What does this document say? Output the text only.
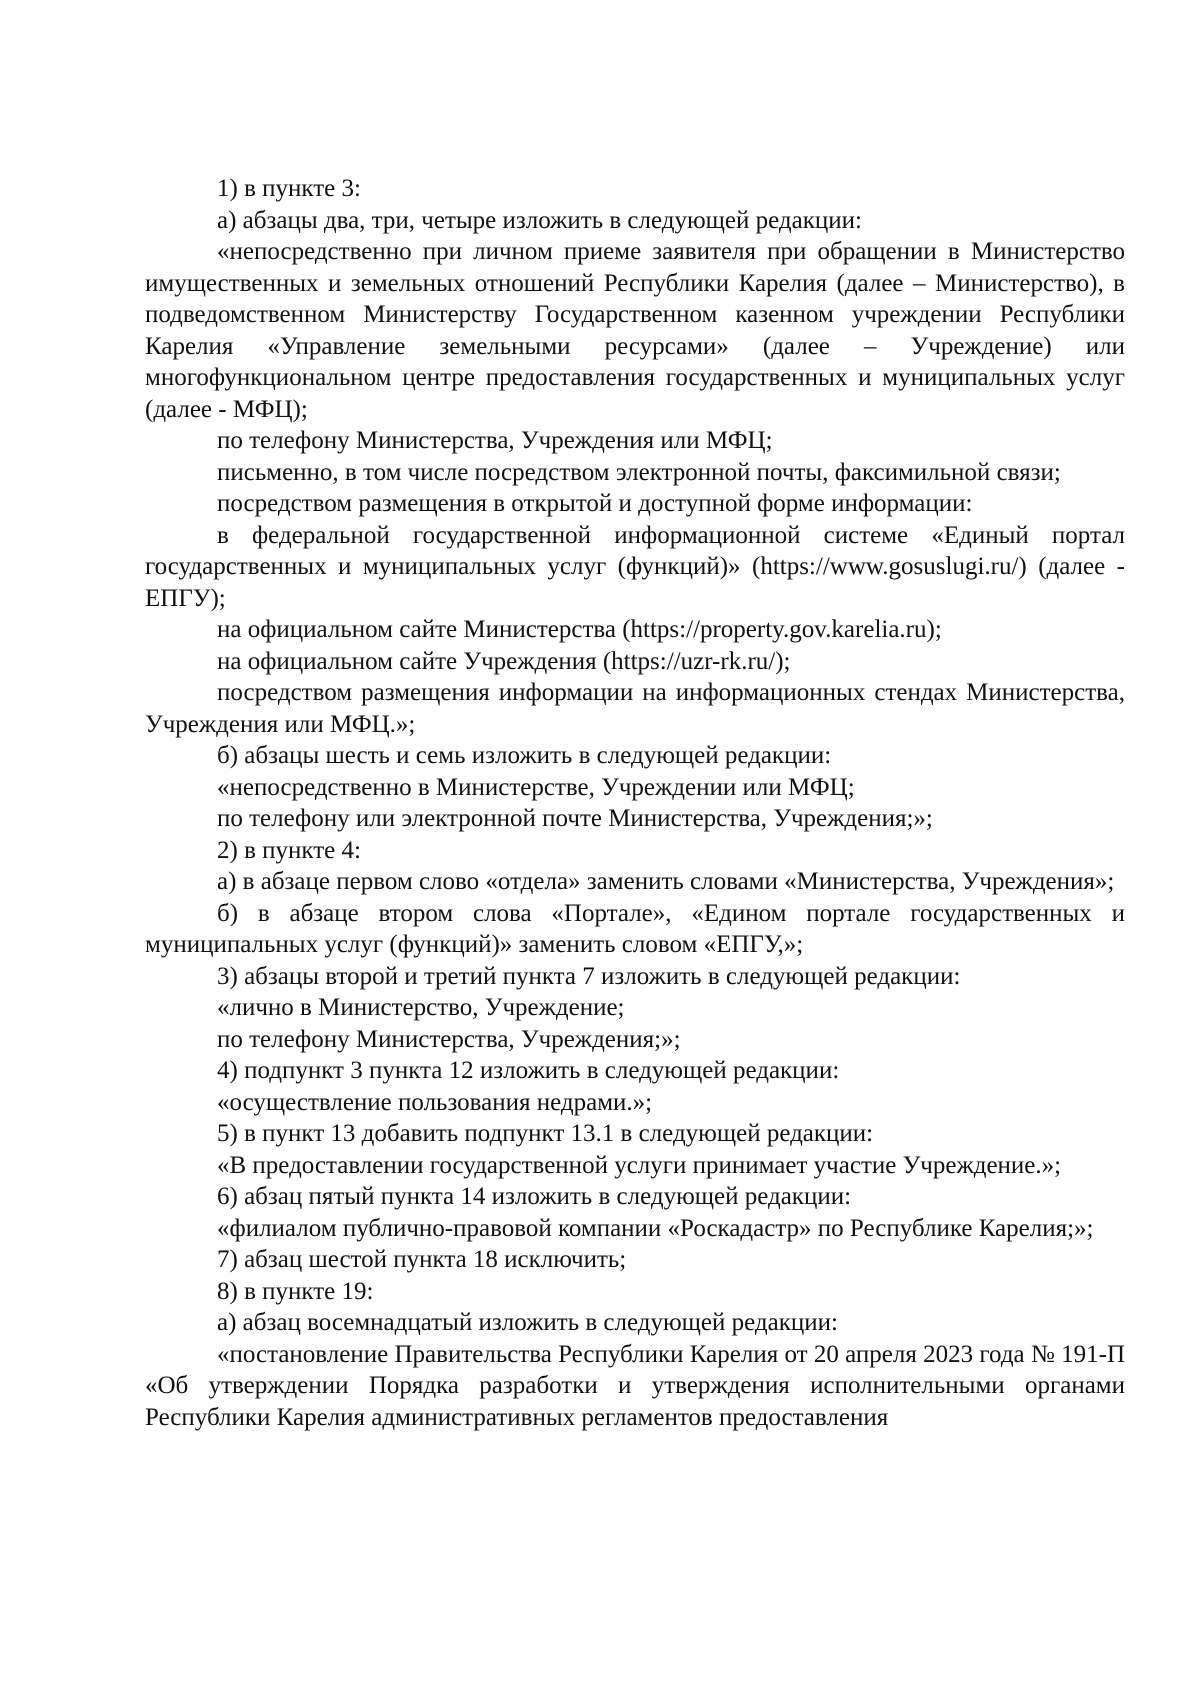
1) в пункте 3:

а) абзацы два, три, четыре изложить в следующей редакции:

«непосредственно при личном приеме заявителя при обращении в Министерство имущественных и земельных отношений Республики Карелия (далее – Министерство), в подведомственном Министерству Государственном казенном учреждении Республики Карелия «Управление земельными ресурсами» (далее – Учреждение) или многофункциональном центре предоставления государственных и муниципальных услуг (далее - МФЦ);

по телефону Министерства, Учреждения или МФЦ;

письменно, в том числе посредством электронной почты, факсимильной связи;

посредством размещения в открытой и доступной форме информации:

в федеральной государственной информационной системе «Единый портал государственных и муниципальных услуг (функций)» (https://www.gosuslugi.ru/) (далее - ЕПГУ);

на официальном сайте Министерства (https://property.gov.karelia.ru);

на официальном сайте Учреждения (https://uzr-rk.ru/);

посредством размещения информации на информационных стендах Министерства, Учреждения или МФЦ.»;

б) абзацы шесть и семь изложить в следующей редакции:

«непосредственно в Министерстве, Учреждении или МФЦ;

по телефону или электронной почте Министерства, Учреждения;»;

2) в пункте 4:

а) в абзаце первом слово «отдела» заменить словами «Министерства, Учреждения»;

б) в абзаце втором слова «Портале», «Едином портале государственных и муниципальных услуг (функций)» заменить словом «ЕПГУ,»;

3) абзацы второй и третий пункта 7 изложить в следующей редакции:

«лично в Министерство, Учреждение;

по телефону Министерства, Учреждения;»;

4) подпункт 3 пункта 12 изложить в следующей редакции:

«осуществление пользования недрами.»;

5) в пункт 13 добавить подпункт 13.1 в следующей редакции:

«В предоставлении государственной услуги принимает участие Учреждение.»;

6) абзац пятый пункта 14 изложить в следующей редакции:

«филиалом публично-правовой компании «Роскадастр» по Республике Карелия;»;

7) абзац шестой пункта 18 исключить;

8) в пункте 19:

а) абзац восемнадцатый изложить в следующей редакции:

«постановление Правительства Республики Карелия от 20 апреля 2023 года № 191-П «Об утверждении Порядка разработки и утверждения исполнительными органами Республики Карелия административных регламентов предоставления
